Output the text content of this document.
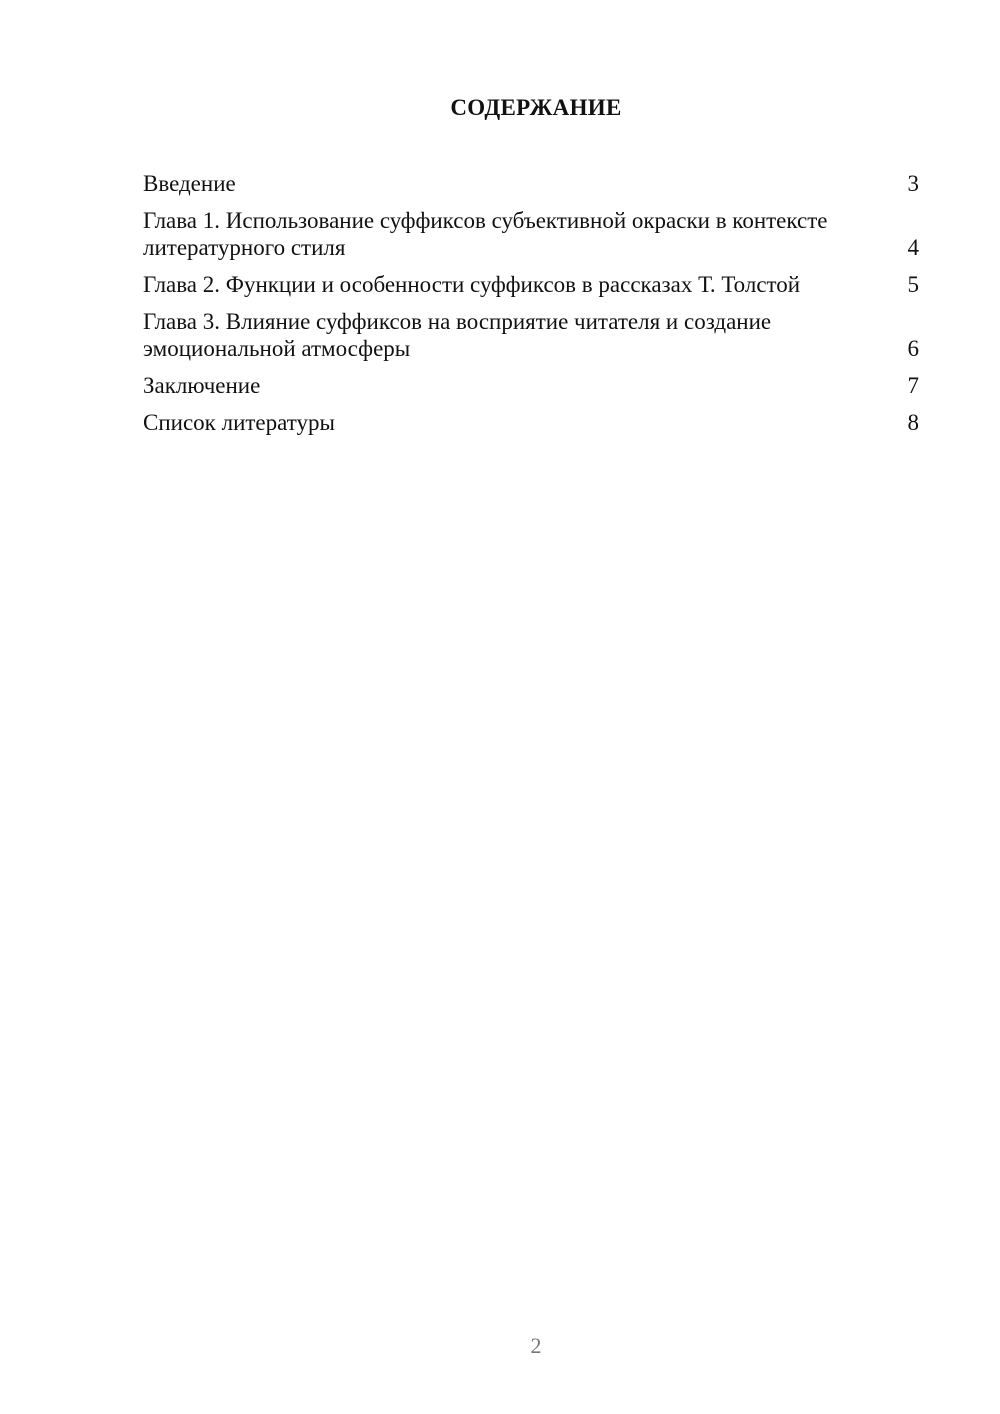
СОДЕРЖАНИЕ
Введение	3
Глава 1. Использование суффиксов субъективной окраски в контексте литературного стиля	4
Глава 2. Функции и особенности суффиксов в рассказах Т. Толстой	5
Глава 3. Влияние суффиксов на восприятие читателя и создание эмоциональной атмосферы	6
Заключение	7
Список литературы	8
2
